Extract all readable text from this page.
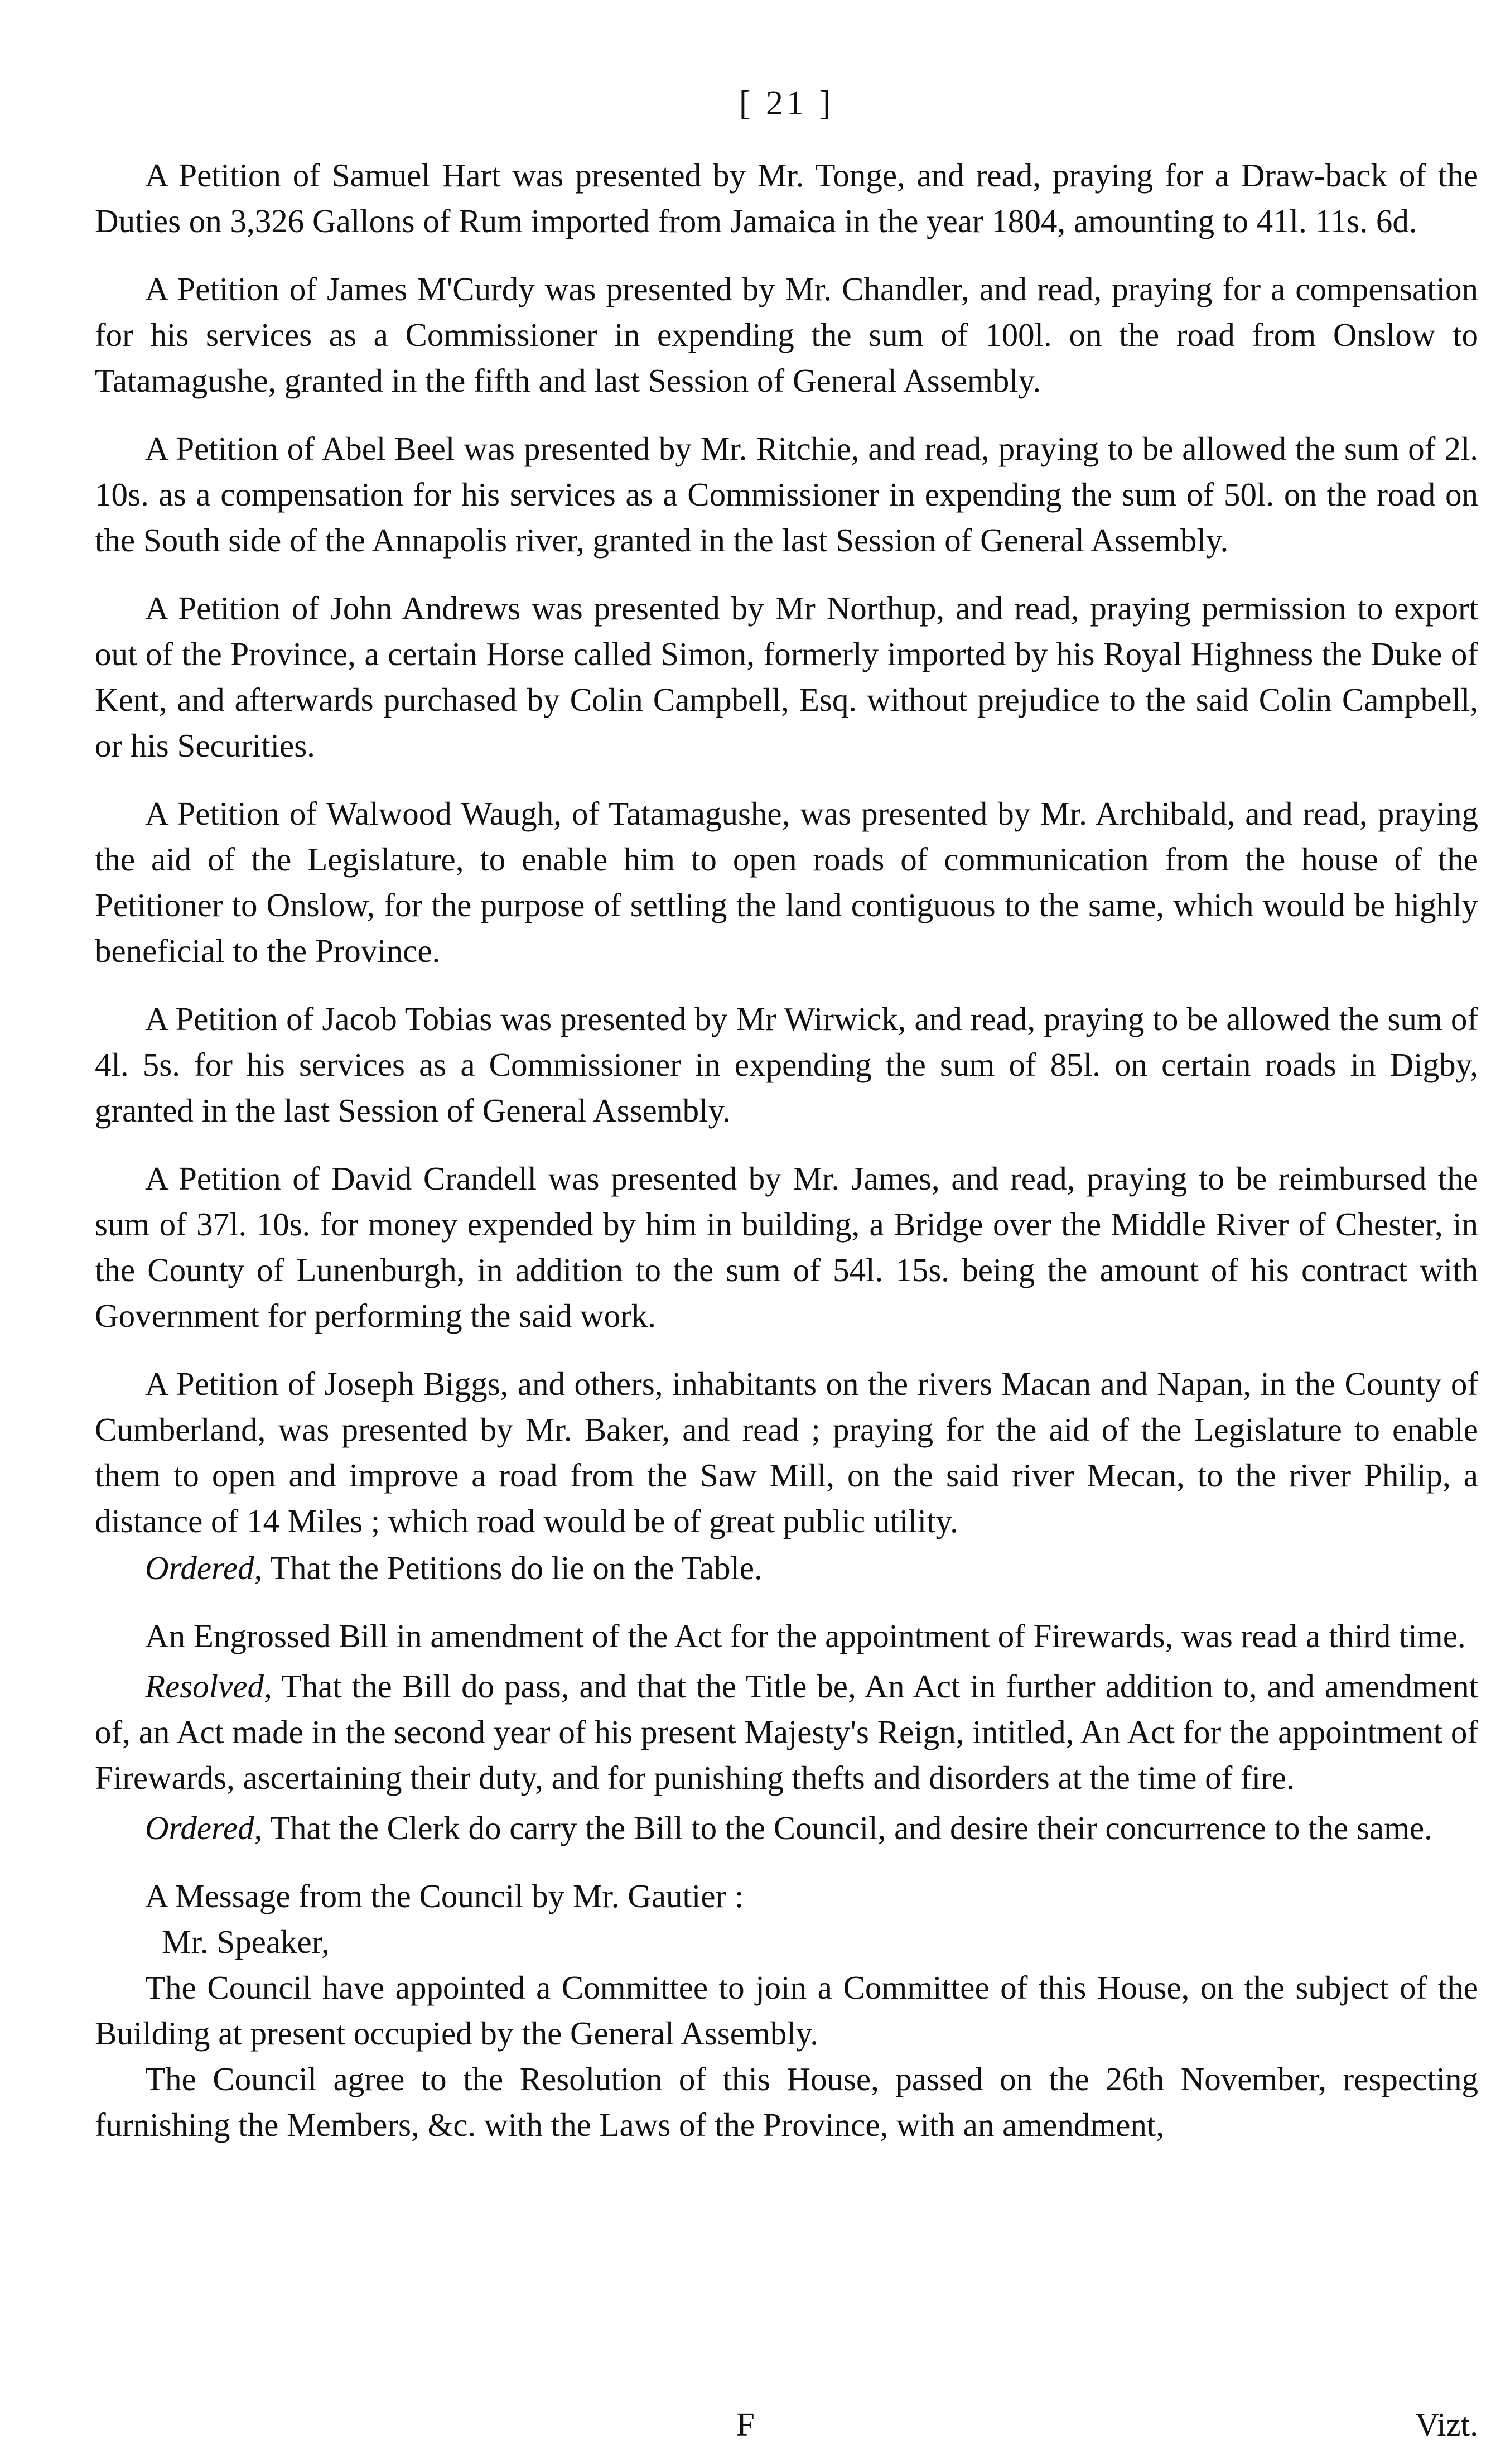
[ 21 ]

A Petition of Samuel Hart was presented by Mr. Tonge, and read, praying for a Draw-back of the Duties on 3,326 Gallons of Rum imported from Jamaica in the year 1804, amounting to 41l. 11s. 6d.

A Petition of James M'Curdy was presented by Mr. Chandler, and read, praying for a compensation for his services as a Commissioner in expending the sum of 100l. on the road from Onslow to Tatamagushe, granted in the fifth and last Session of General Assembly.

A Petition of Abel Beel was presented by Mr. Ritchie, and read, praying to be allowed the sum of 2l. 10s. as a compensation for his services as a Commissioner in expending the sum of 50l. on the road on the South side of the Annapolis river, granted in the last Session of General Assembly.

A Petition of John Andrews was presented by Mr Northup, and read, praying permission to export out of the Province, a certain Horse called Simon, formerly imported by his Royal Highness the Duke of Kent, and afterwards purchased by Colin Campbell, Esq. without prejudice to the said Colin Campbell, or his Securities.

A Petition of Walwood Waugh, of Tatamagushe, was presented by Mr. Archibald, and read, praying the aid of the Legislature, to enable him to open roads of communication from the house of the Petitioner to Onslow, for the purpose of settling the land contiguous to the same, which would be highly beneficial to the Province.

A Petition of Jacob Tobias was presented by Mr Wirwick, and read, praying to be allowed the sum of 4l. 5s. for his services as a Commissioner in expending the sum of 85l. on certain roads in Digby, granted in the last Session of General Assembly.

A Petition of David Crandell was presented by Mr. James, and read, praying to be reimbursed the sum of 37l. 10s. for money expended by him in building, a Bridge over the Middle River of Chester, in the County of Lunenburgh, in addition to the sum of 54l. 15s. being the amount of his contract with Government for performing the said work.

A Petition of Joseph Biggs, and others, inhabitants on the rivers Macan and Napan, in the County of Cumberland, was presented by Mr. Baker, and read ; praying for the aid of the Legislature to enable them to open and improve a road from the Saw Mill, on the said river Mecan, to the river Philip, a distance of 14 Miles ; which road would be of great public utility.

Ordered, That the Petitions do lie on the Table.

An Engrossed Bill in amendment of the Act for the appointment of Firewards, was read a third time.

Resolved, That the Bill do pass, and that the Title be, An Act in further addition to, and amendment of, an Act made in the second year of his present Majesty's Reign, intitled, An Act for the appointment of Firewards, ascertaining their duty, and for punishing thefts and disorders at the time of fire.

Ordered, That the Clerk do carry the Bill to the Council, and desire their concurrence to the same.

A Message from the Council by Mr. Gautier :

Mr. Speaker,

The Council have appointed a Committee to join a Committee of this House, on the subject of the Building at present occupied by the General Assembly.

The Council agree to the Resolution of this House, passed on the 26th November, respecting furnishing the Members, &c. with the Laws of the Province, with an amendment,

F	Vizt.
